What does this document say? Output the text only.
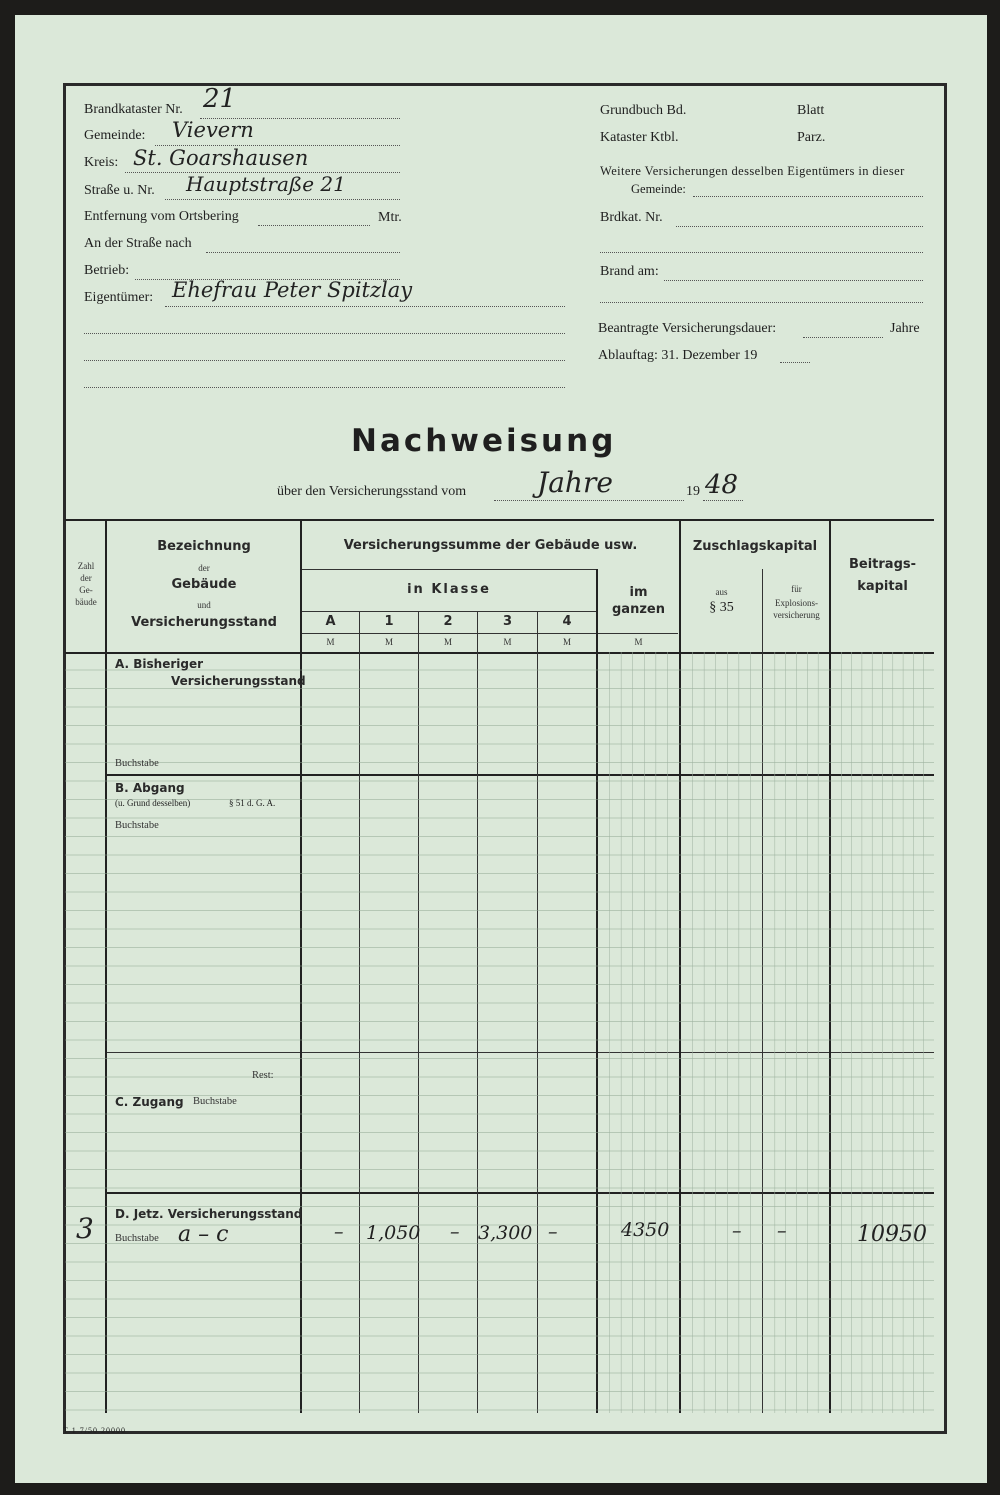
Brandkataster Nr. 21
Gemeinde: Vievern
Kreis: St. Goarshausen
Straße u. Nr. Hauptstraße 21
Entfernung vom Ortsbering	Mtr.
An der Straße nach
Betrieb:
Eigentümer: Ehefrau Peter Spitzlay
Grundbuch Bd.	Blatt
Kataster Ktbl.	Parz.
Weitere Versicherungen desselben Eigentümers in dieser
Gemeinde:
Brdkat. Nr.
Brand am:
Beantragte Versicherungsdauer:	Jahre
Ablauftag: 31. Dezember 19
Nachweisung
über den Versicherungsstand vom	Jahre	19 48
Zahl
der
Ge-
bäude
Bezeichnung
der
Gebäude
und
Versicherungsstand
Versicherungssumme der Gebäude usw.
in Klasse
A	1	2	3	4
im
ganzen
Zuschlagskapital
aus
§ 35
für
Explosions-
versicherung
Beitrags-
kapital
M	M	M	M	M	M
A. Bisheriger
Versicherungsstand
Buchstabe
B. Abgang
(u. Grund desselben)	§ 51 d. G. A.
Buchstabe
Rest:
C. Zugang Buchstabe
D. Jetz. Versicherungsstand
Buchstabe
3	a – c	– 1,050 – 3,300 –	4350	– –	10950
T 1 7/50 20000
